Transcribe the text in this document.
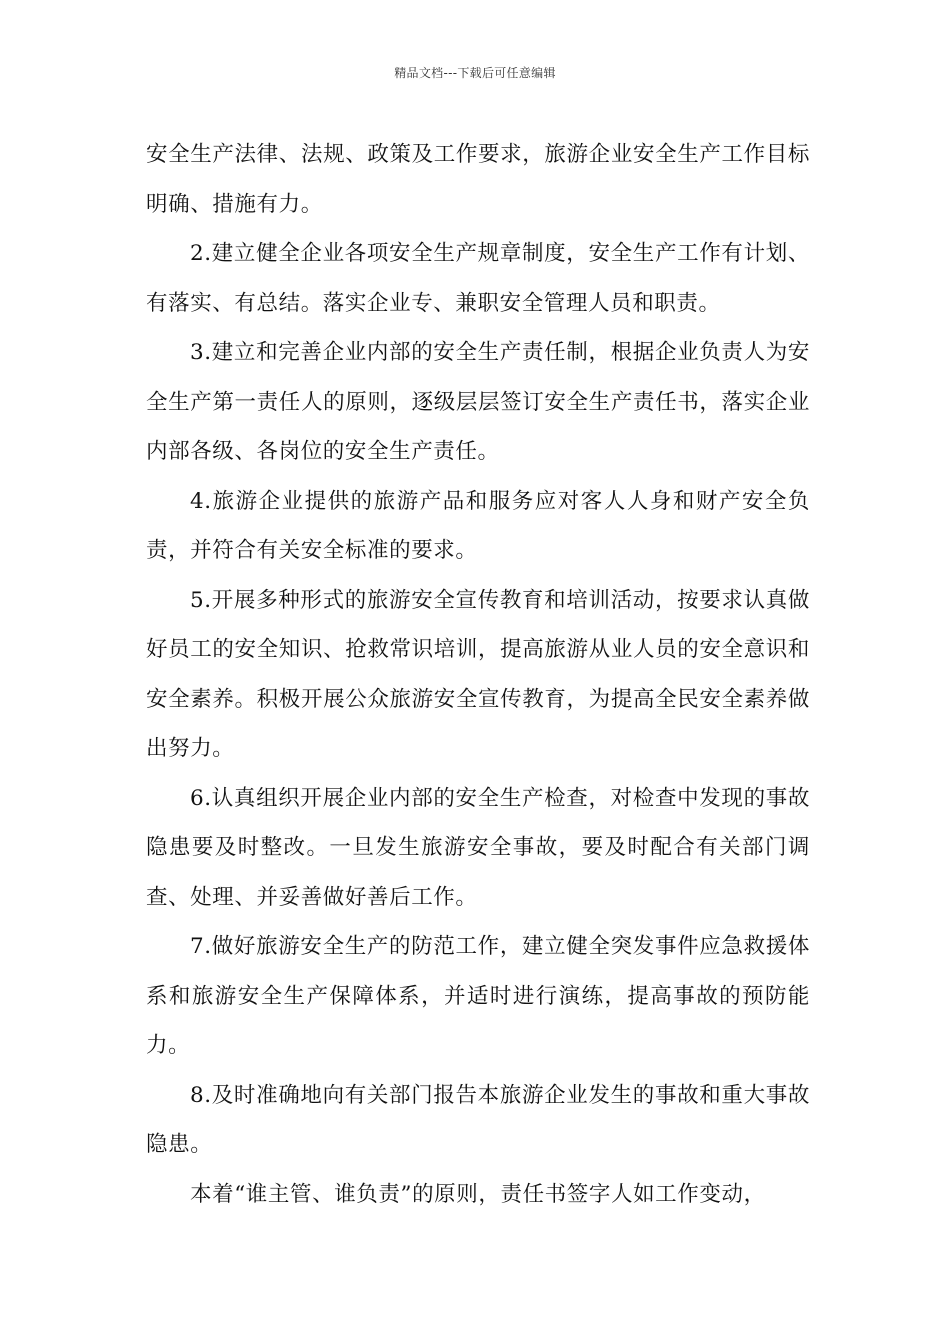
精品文档---下载后可任意编辑

安全生产法律、法规、政策及工作要求，旅游企业安全生产工作目标明确、措施有力。

2.建立健全企业各项安全生产规章制度，安全生产工作有计划、有落实、有总结。落实企业专、兼职安全管理人员和职责。

3.建立和完善企业内部的安全生产责任制，根据企业负责人为安全生产第一责任人的原则，逐级层层签订安全生产责任书，落实企业内部各级、各岗位的安全生产责任。

4.旅游企业提供的旅游产品和服务应对客人人身和财产安全负责，并符合有关安全标准的要求。

5.开展多种形式的旅游安全宣传教育和培训活动，按要求认真做好员工的安全知识、抢救常识培训，提高旅游从业人员的安全意识和安全素养。积极开展公众旅游安全宣传教育，为提高全民安全素养做出努力。

6.认真组织开展企业内部的安全生产检查，对检查中发现的事故隐患要及时整改。一旦发生旅游安全事故，要及时配合有关部门调查、处理、并妥善做好善后工作。

7.做好旅游安全生产的防范工作，建立健全突发事件应急救援体系和旅游安全生产保障体系，并适时进行演练，提高事故的预防能力。

8.及时准确地向有关部门报告本旅游企业发生的事故和重大事故隐患。

本着“谁主管、谁负责”的原则，责任书签字人如工作变动，
